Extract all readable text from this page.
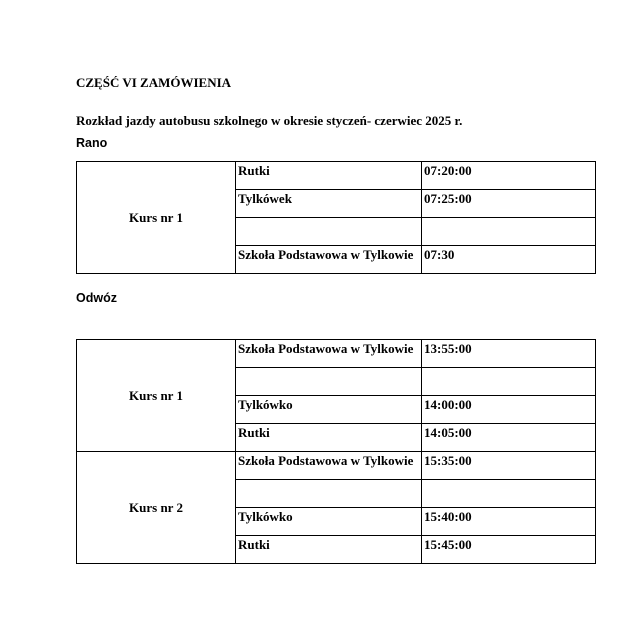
CZĘŚĆ VI ZAMÓWIENIA

Rozkład jazdy autobusu szkolnego w okresie styczeń- czerwiec 2025 r.

Rano

Kurs nr 1	Rutki	07:20:00
	Tylkówek	07:25:00

	Szkoła Podstawowa w Tylkowie	07:30

Odwóz

Kurs nr 1	Szkoła Podstawowa w Tylkowie	13:55:00

	Tylkówko	14:00:00
	Rutki	14:05:00
Kurs nr 2	Szkoła Podstawowa w Tylkowie	15:35:00

	Tylkówko	15:40:00
	Rutki	15:45:00
